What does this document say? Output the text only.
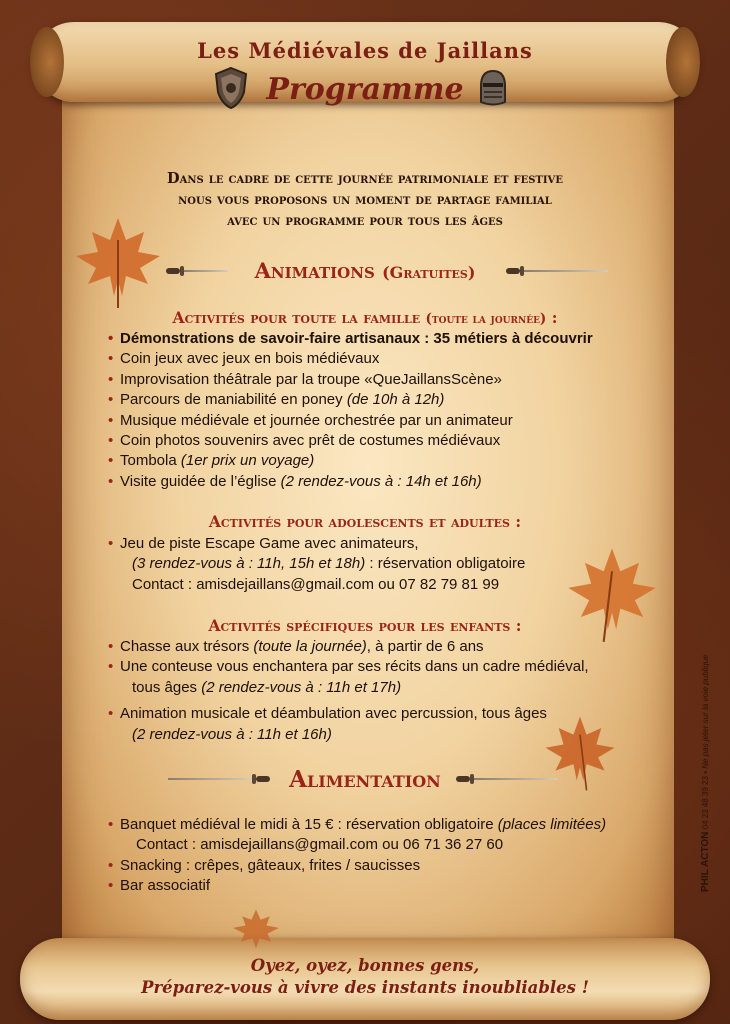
Les Médiévales de Jaillans
Programme
Dans le cadre de cette journée patrimoniale et festive
nous vous proposons un moment de partage familial
avec un programme pour tous les âges
Animations (Gratuites)
Activités pour toute la famille (toute la journée) :
• Démonstrations de savoir-faire artisanaux : 35 métiers à découvrir
• Coin jeux avec jeux en bois médiévaux
• Improvisation théâtrale par la troupe «QueJaillansScène»
• Parcours de maniabilité en poney (de 10h à 12h)
• Musique médiévale et journée orchestrée par un animateur
• Coin photos souvenirs avec prêt de costumes médiévaux
• Tombola (1er prix un voyage)
• Visite guidée de l’église (2 rendez-vous à : 14h et 16h)
Activités pour adolescents et adultes :
• Jeu de piste Escape Game avec animateurs,
(3 rendez-vous à : 11h, 15h et 18h) : réservation obligatoire
Contact : amisdejaillans@gmail.com ou 07 82 79 81 99
Activités spécifiques pour les enfants :
• Chasse aux trésors (toute la journée), à partir de 6 ans
• Une conteuse vous enchantera par ses récits dans un cadre médiéval,
tous âges (2 rendez-vous à : 11h et 17h)
• Animation musicale et déambulation avec percussion, tous âges
(2 rendez-vous à : 11h et 16h)
Alimentation
• Banquet médiéval le midi à 15 € : réservation obligatoire (places limitées)
Contact : amisdejaillans@gmail.com ou 06 71 36 27 60
• Snacking : crêpes, gâteaux, frites / saucisses
• Bar associatif	PHIL ACTON 04 23 48 39 23 • Ne pas jeter sur la voie publique
Oyez, oyez, bonnes gens,
Préparez-vous à vivre des instants inoubliables !
